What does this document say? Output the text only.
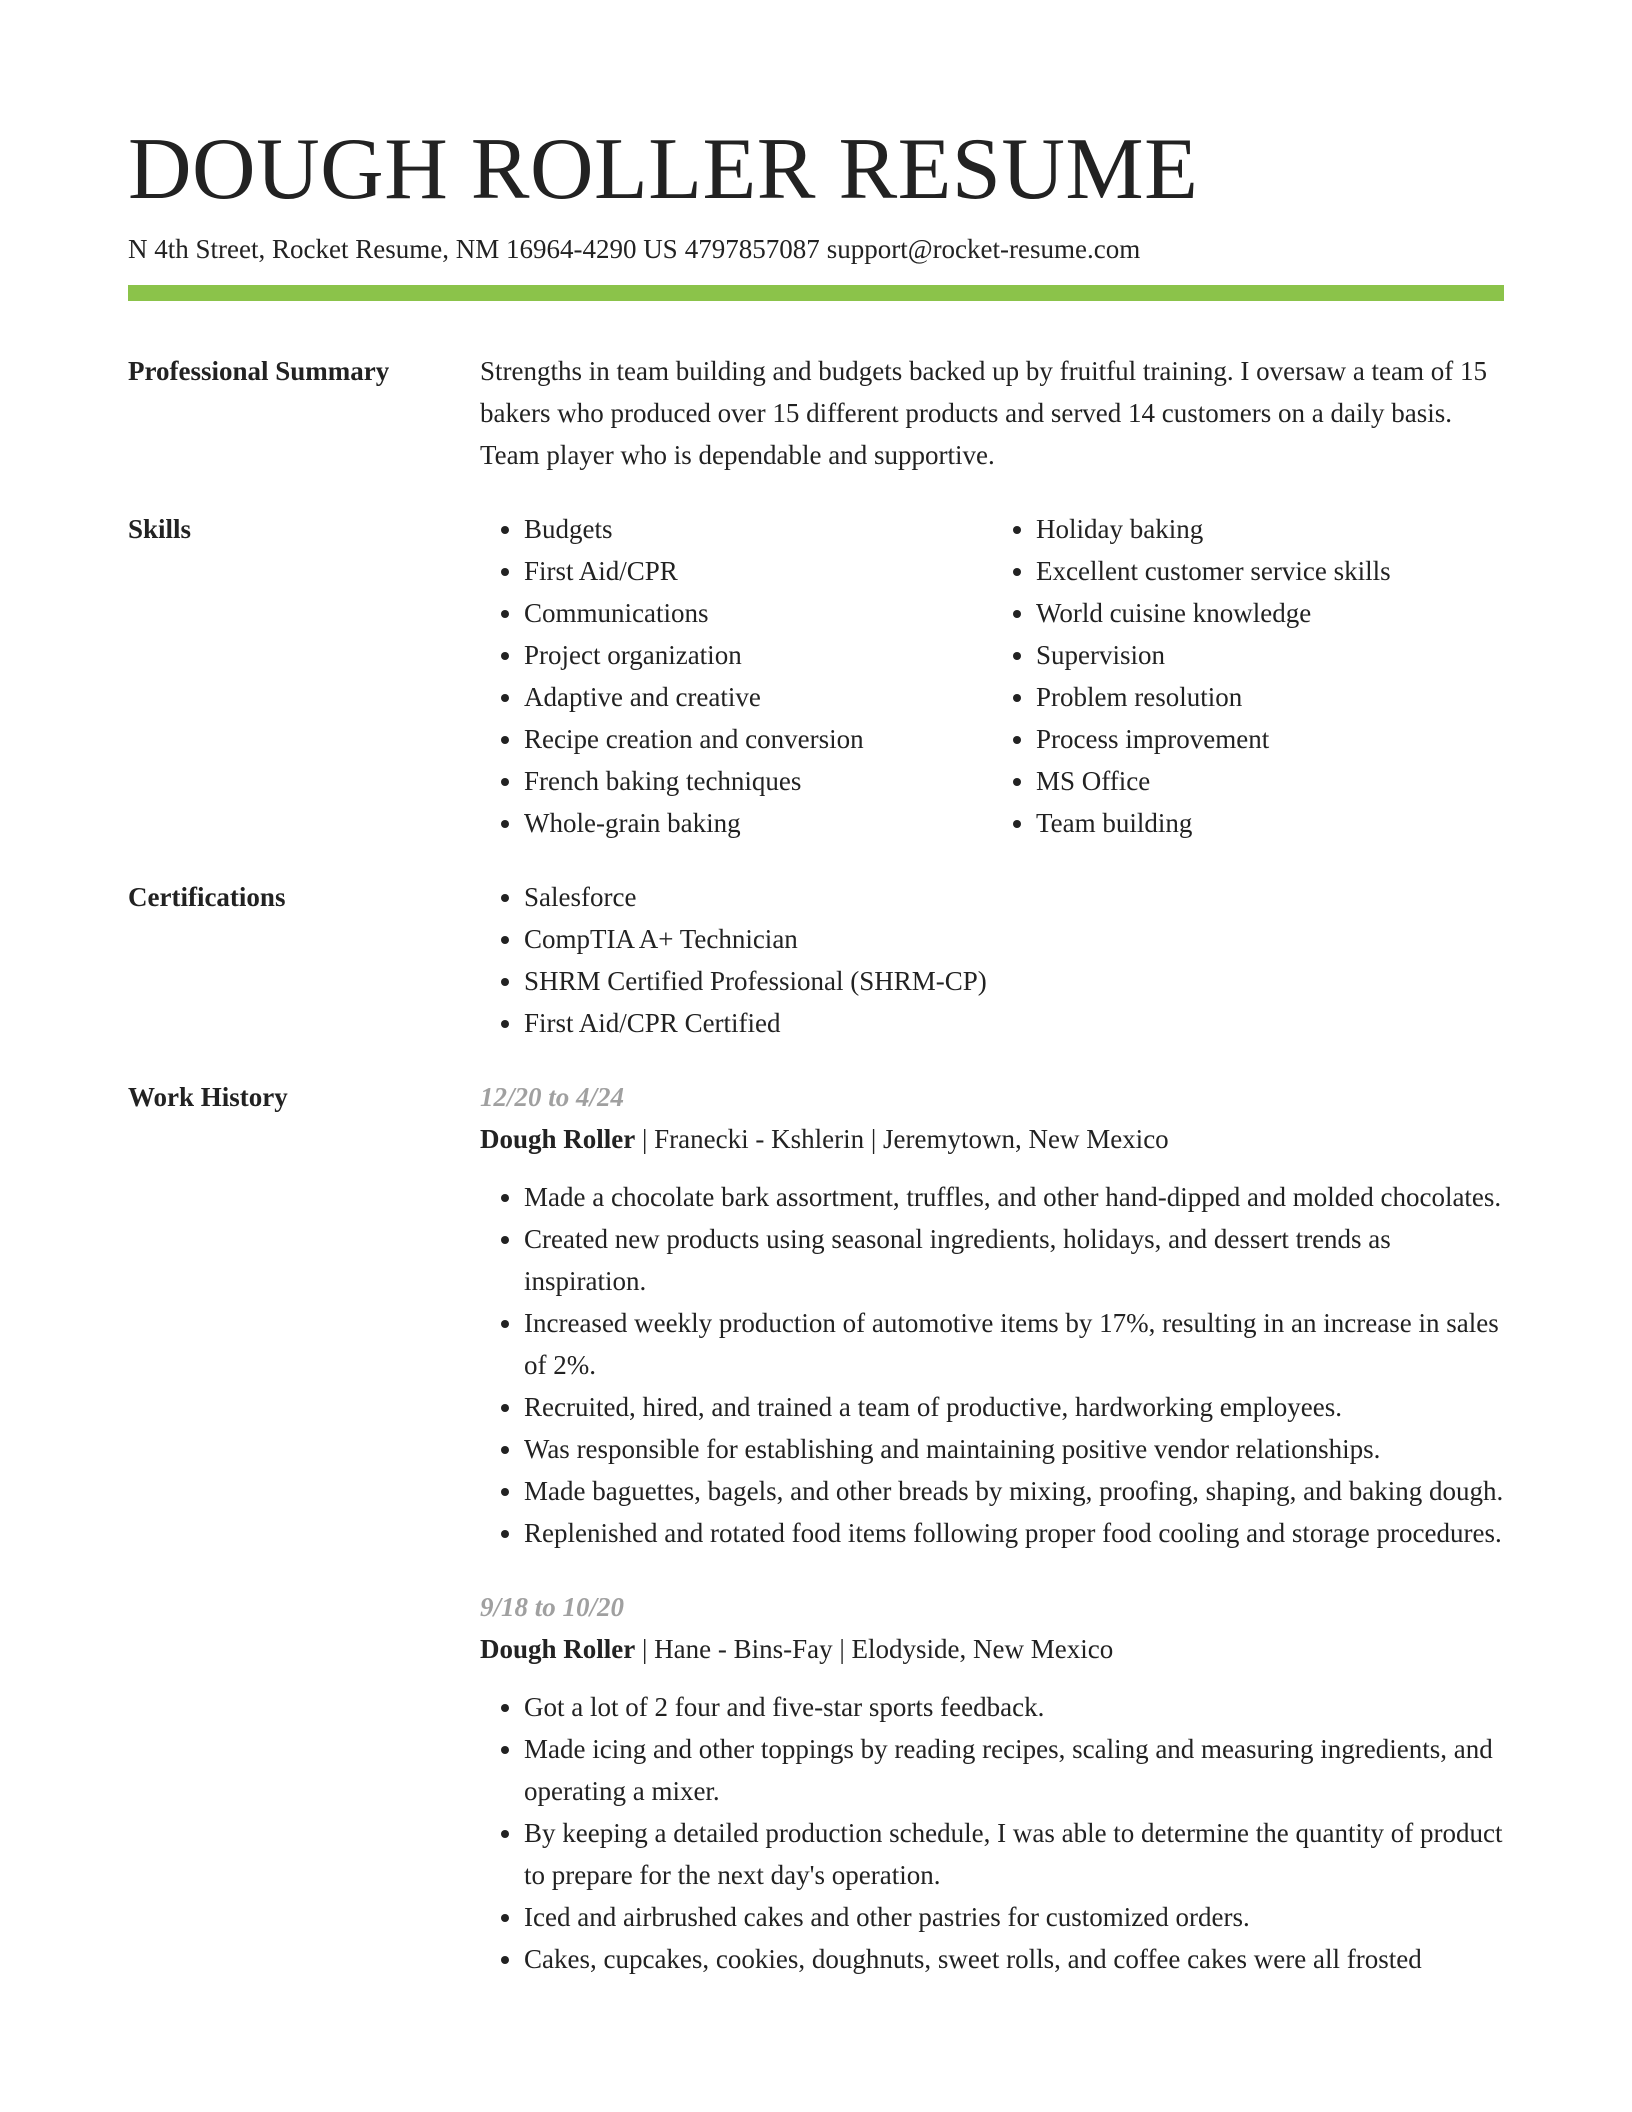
DOUGH ROLLER RESUME
N 4th Street, Rocket Resume, NM 16964-4290 US 4797857087 support@rocket-resume.com
Professional Summary	Strengths in team building and budgets backed up by fruitful training. I oversaw a team of 15 bakers who produced over 15 different products and served 14 customers on a daily basis. Team player who is dependable and supportive.

Skills	• Budgets
• First Aid/CPR
• Communications
• Project organization
• Adaptive and creative
• Recipe creation and conversion
• French baking techniques
• Whole-grain baking
• Holiday baking
• Excellent customer service skills
• World cuisine knowledge
• Supervision
• Problem resolution
• Process improvement
• MS Office
• Team building
Certifications	• Salesforce
• CompTIA A+ Technician
• SHRM Certified Professional (SHRM-CP)
• First Aid/CPR Certified
Work History	12/20 to 4/24
Dough Roller | Franecki - Kshlerin | Jeremytown, New Mexico
• Made a chocolate bark assortment, truffles, and other hand-dipped and molded chocolates.
• Created new products using seasonal ingredients, holidays, and dessert trends as inspiration.
• Increased weekly production of automotive items by 17%, resulting in an increase in sales of 2%.
• Recruited, hired, and trained a team of productive, hardworking employees.
• Was responsible for establishing and maintaining positive vendor relationships.
• Made baguettes, bagels, and other breads by mixing, proofing, shaping, and baking dough.
• Replenished and rotated food items following proper food cooling and storage procedures.
9/18 to 10/20
Dough Roller | Hane - Bins-Fay | Elodyside, New Mexico
• Got a lot of 2 four and five-star sports feedback.
• Made icing and other toppings by reading recipes, scaling and measuring ingredients, and operating a mixer.
• By keeping a detailed production schedule, I was able to determine the quantity of product to prepare for the next day's operation.
• Iced and airbrushed cakes and other pastries for customized orders.
• Cakes, cupcakes, cookies, doughnuts, sweet rolls, and coffee cakes were all frosted
